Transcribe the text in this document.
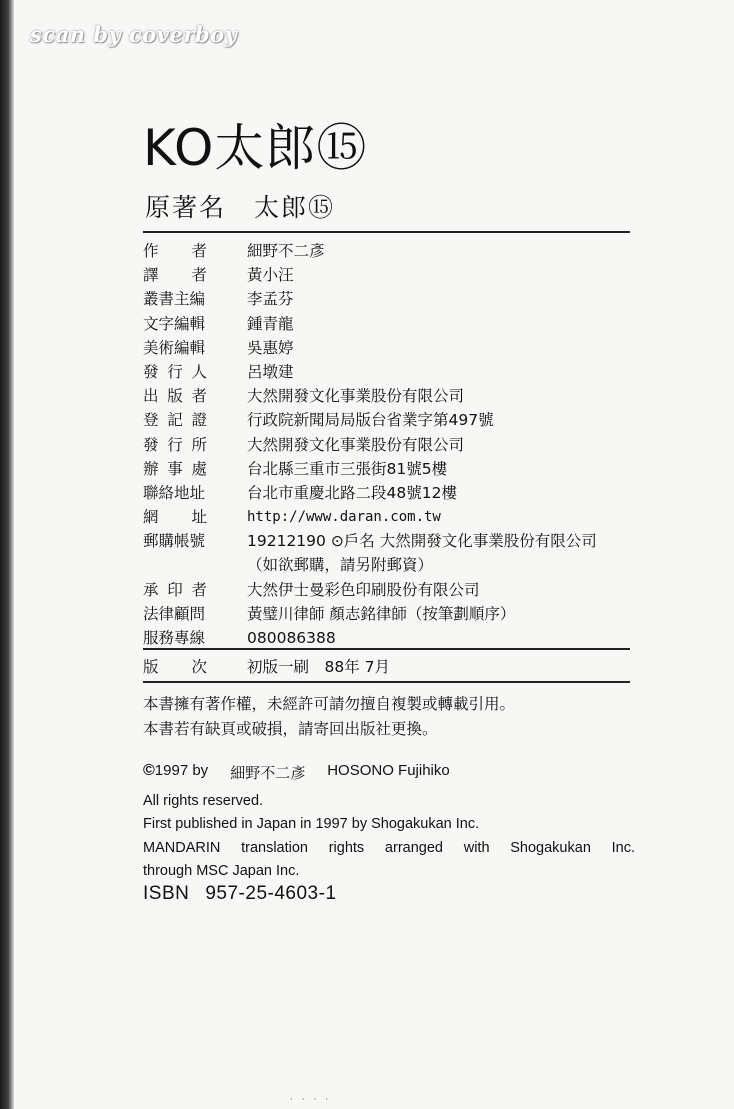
scan by coverboy
KO太郎⑮
原著名 太郎⑮
作　者	細野不二彥
譯　者	黃小汪
叢書主編	李孟芬
文字編輯	鍾青龍
美術編輯	吳惠婷
發行人	呂墩建
出版者	大然開發文化事業股份有限公司
登記證	行政院新聞局局版台省業字第497號
發行所	大然開發文化事業股份有限公司
辦事處	台北縣三重市三張街81號5樓
聯絡地址	台北市重慶北路二段48號12樓
網　址	http://www.daran.com.tw
郵購帳號	19212190 ⊙戶名 大然開發文化事業股份有限公司
（如欲郵購，請另附郵資）
承印者	大然伊士曼彩色印刷股份有限公司
法律顧問	黃璧川律師 顏志銘律師（按筆劃順序）
服務專線	080086388
版　次	初版一刷　88年 7月
本書擁有著作權，未經許可請勿擅自複製或轉載引用。
本書若有缺頁或破損，請寄回出版社更換。
© 1997 by 細野不二彥 HOSONO Fujihiko
All rights reserved.
First published in Japan in 1997 by Shogakukan Inc.
MANDARIN translation rights arranged with Shogakukan Inc.
through MSC Japan Inc.
ISBN 957-25-4603-1
‧ ‧ ‧ ‧
